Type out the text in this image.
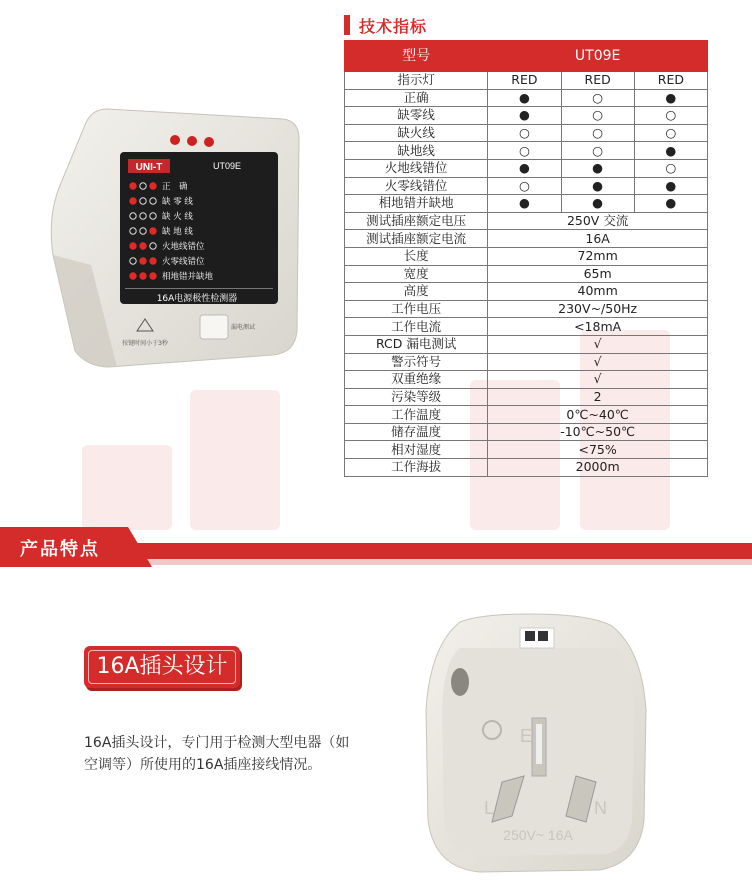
技术指标
型号	UT09E		
指示灯	RED	RED	RED
正确	●	○	●
缺零线	●	○	○
缺火线	○	○	○
缺地线	○	○	●
火地线错位	●	●	○
火零线错位	○	●	●
相地错并缺地	●	●	●
测试插座额定电压	250V 交流		
测试插座额定电流	16A		
长度	72mm		
宽度	65m		
高度	40mm		
工作电压	230V~/50Hz		
工作电流	<18mA		
RCD 漏电测试	√		
警示符号	√		
双重绝缘	√		
污染等级	2		
工作温度	0℃~40℃		
储存温度	-10℃~50℃		
相对湿度	<75%		
工作海拔	2000m		
UNI-T	UT09E
正　确
缺 零 线
缺 火 线
缺 地 线
火地线错位
火零线错位
相地错并缺地
16A电源极性检测器
按键时间小于3秒
漏电测试
产品特点
16A插头设计
16A插头设计，专门用于检测大型电器（如空调等）所使用的16A插座接线情况。
E
L	N
250V~ 16A
